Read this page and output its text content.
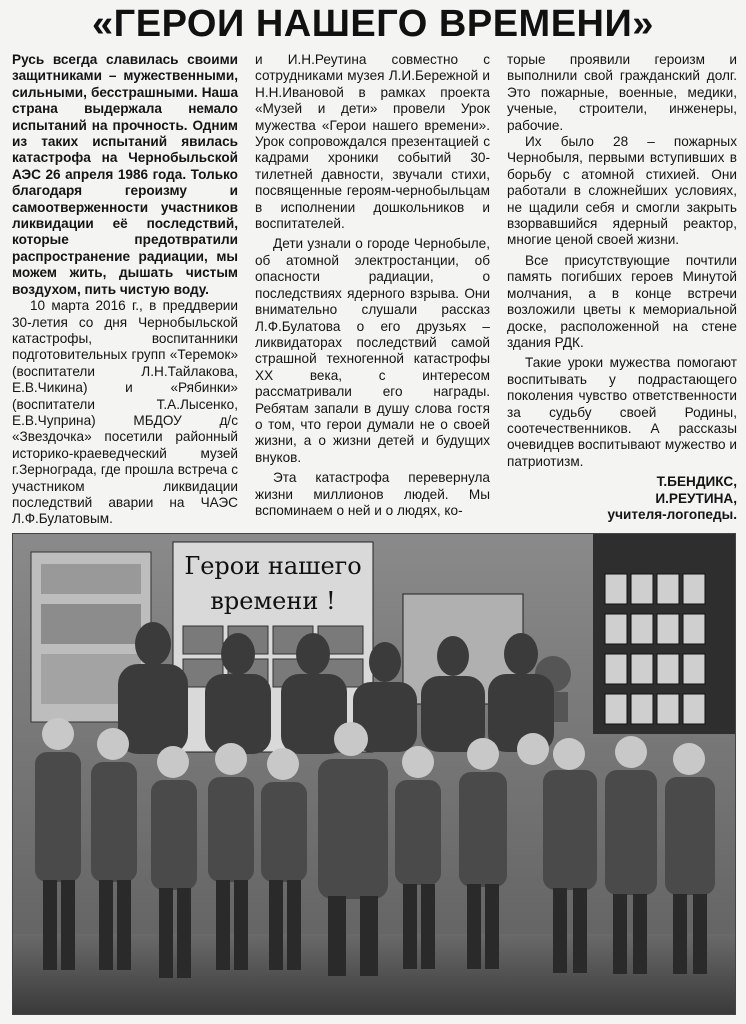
«ГЕРОИ НАШЕГО ВРЕМЕНИ»

Русь всегда славилась своими защитниками – мужественными, сильными, бесстрашными. Наша страна выдержала немало испытаний на прочность. Одним из таких испытаний явилась катастрофа на Чернобыльской АЭС 26 апреля 1986 года. Только благодаря героизму и самоотверженности участников ликвидации её последствий, которые предотвратили распространение радиации, мы можем жить, дышать чистым воздухом, пить чистую воду.

10 марта 2016 г., в преддверии 30-летия со дня Чернобыльской катастрофы, воспитанники подготовительных групп «Теремок» (воспитатели Л.Н.Тайлакова, Е.В.Чикина) и «Рябинки» (воспитатели Т.А.Лысенко, Е.В.Чуприна) МБДОУ д/с «Звездочка» посетили районный историко-краеведческий музей г.Зернограда, где прошла встреча с участником ликвидации последствий аварии на ЧАЭС Л.Ф.Булатовым.

и И.Н.Реутина совместно с сотрудниками музея Л.И.Бережной и Н.Н.Ивановой в рамках проекта «Музей и дети» провели Урок мужества «Герои нашего времени». Урок сопровождался презентацией с кадрами хроники событий 30-тилетней давности, звучали стихи, посвященные героям-чернобыльцам в исполнении дошкольников и воспитателей.

Дети узнали о городе Чернобыле, об атомной электростанции, об опасности радиации, о последствиях ядерного взрыва. Они внимательно слушали рассказ Л.Ф.Булатова о его друзьях – ликвидаторах последствий самой страшной техногенной катастрофы XX века, с интересом рассматривали его награды. Ребятам запали в душу слова гостя о том, что герои думали не о своей жизни, а о жизни детей и будущих внуков.

Эта катастрофа перевернула жизни миллионов людей. Мы вспоминаем о ней и о людях, ко-

торые проявили героизм и выполнили свой гражданский долг. Это пожарные, военные, медики, ученые, строители, инженеры, рабочие.

Их было 28 – пожарных Чернобыля, первыми вступивших в борьбу с атомной стихией. Они работали в сложнейших условиях, не щадили себя и смогли закрыть взорвавшийся ядерный реактор, многие ценой своей жизни.

Все присутствующие почтили память погибших героев Минутой молчания, а в конце встречи возложили цветы к мемориальной доске, расположенной на стене здания РДК.

Такие уроки мужества помогают воспитывать у подрастающего поколения чувство ответственности за судьбу своей Родины, соотечественников. А рассказы очевидцев воспитывают мужество и патриотизм.

Т.БЕНДИКС,

И.РЕУТИНА,

учителя-логопеды.

Герои нашего
времени !
